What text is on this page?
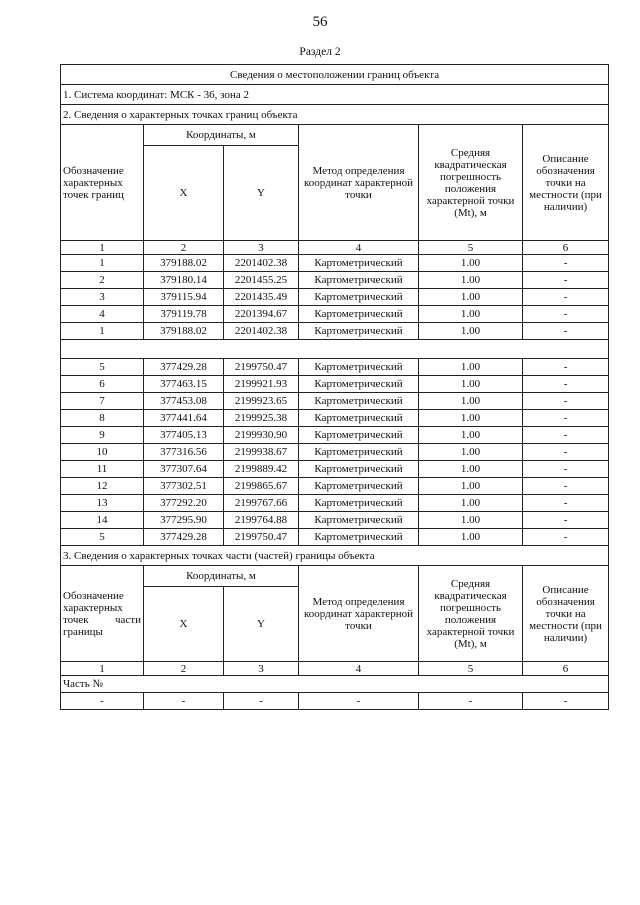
56
Раздел 2
Сведения о местоположении границ объекта					
1. Система координат: МСК - 36, зона 2					
2. Сведения о характерных точках границ объекта					
Обозначение характерных точек границ	Координаты, м		Метод определения координат характерной точки	Средняя квадратическая погрешность положения характерной точки (Mt), м	Описание обозначения точки на местности (при наличии)
	X	Y			
1	2	3	4	5	6
1	379188.02	2201402.38	Картометрический	1.00	-
2	379180.14	2201455.25	Картометрический	1.00	-
3	379115.94	2201435.49	Картометрический	1.00	-
4	379119.78	2201394.67	Картометрический	1.00	-
1	379188.02	2201402.38	Картометрический	1.00	-

5	377429.28	2199750.47	Картометрический	1.00	-
6	377463.15	2199921.93	Картометрический	1.00	-
7	377453.08	2199923.65	Картометрический	1.00	-
8	377441.64	2199925.38	Картометрический	1.00	-
9	377405.13	2199930.90	Картометрический	1.00	-
10	377316.56	2199938.67	Картометрический	1.00	-
11	377307.64	2199889.42	Картометрический	1.00	-
12	377302.51	2199865.67	Картометрический	1.00	-
13	377292.20	2199767.66	Картометрический	1.00	-
14	377295.90	2199764.88	Картометрический	1.00	-
5	377429.28	2199750.47	Картометрический	1.00	-
3. Сведения о характерных точках части (частей) границы объекта					
Обозначение характерных точек части границы	Координаты, м		Метод определения координат характерной точки	Средняя квадратическая погрешность положения характерной точки (Mt), м	Описание обозначения точки на местности (при наличии)
	X	Y			
1	2	3	4	5	6
Часть №					
-	-	-	-	-	-
